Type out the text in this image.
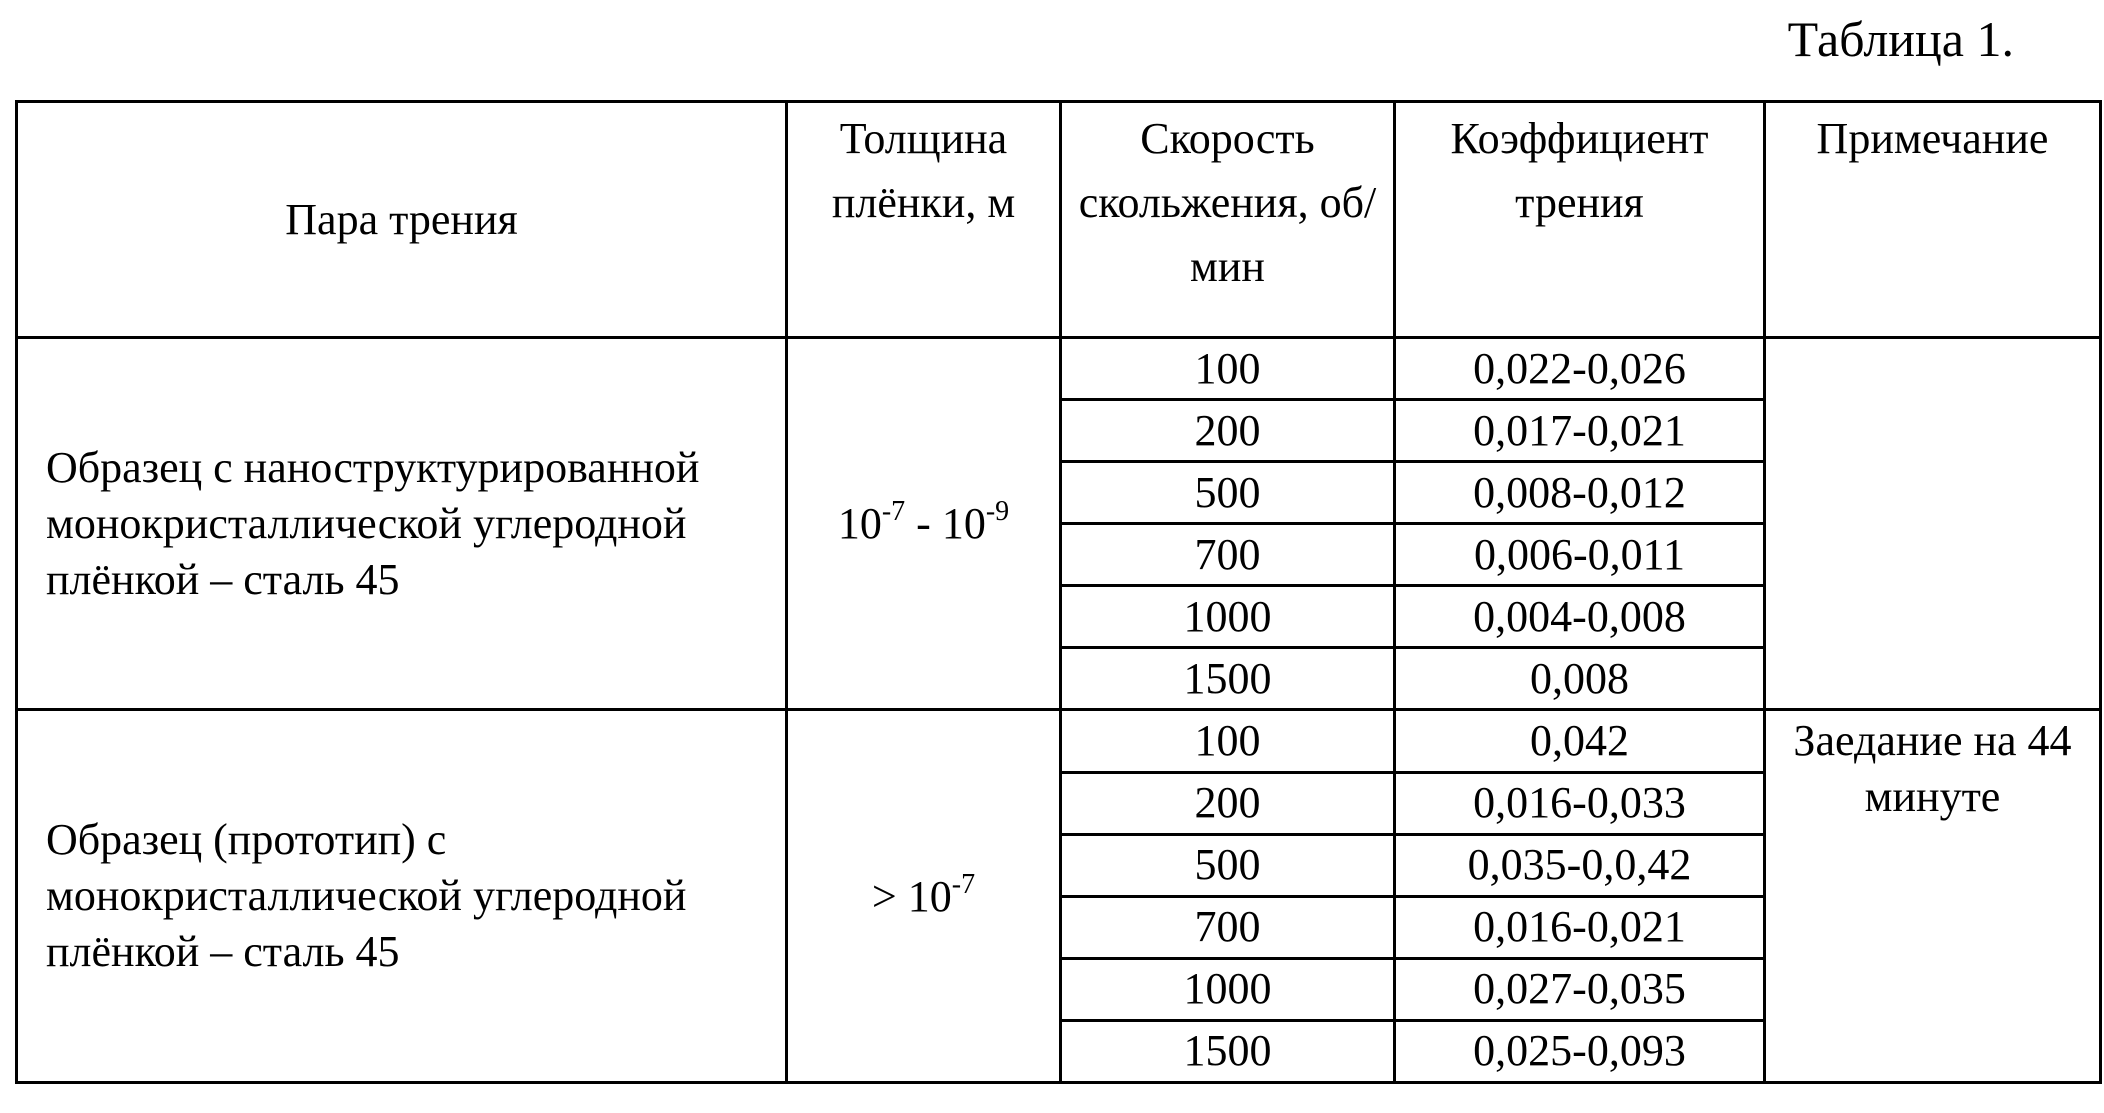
Таблица 1.
Пара трения	Толщина плёнки, м	Скорость скольжения, об/мин	Коэффициент трения	Примечание
Образец с наноструктурированной монокристаллической углеродной плёнкой – сталь 45	$10^{-7} - 10^{-9}$	100	0,022-0,026	
		200	0,017-0,021	
		500	0,008-0,012	
		700	0,006-0,011	
		1000	0,004-0,008	
		1500	0,008	
Образец (прототип) с монокристаллической углеродной плёнкой – сталь 45	> $10^{-7}$	100	0,042	Заедание на 44 минуте
		200	0,016-0,033	
		500	0,035-0,0,42	
		700	0,016-0,021	
		1000	0,027-0,035	
		1500	0,025-0,093	
